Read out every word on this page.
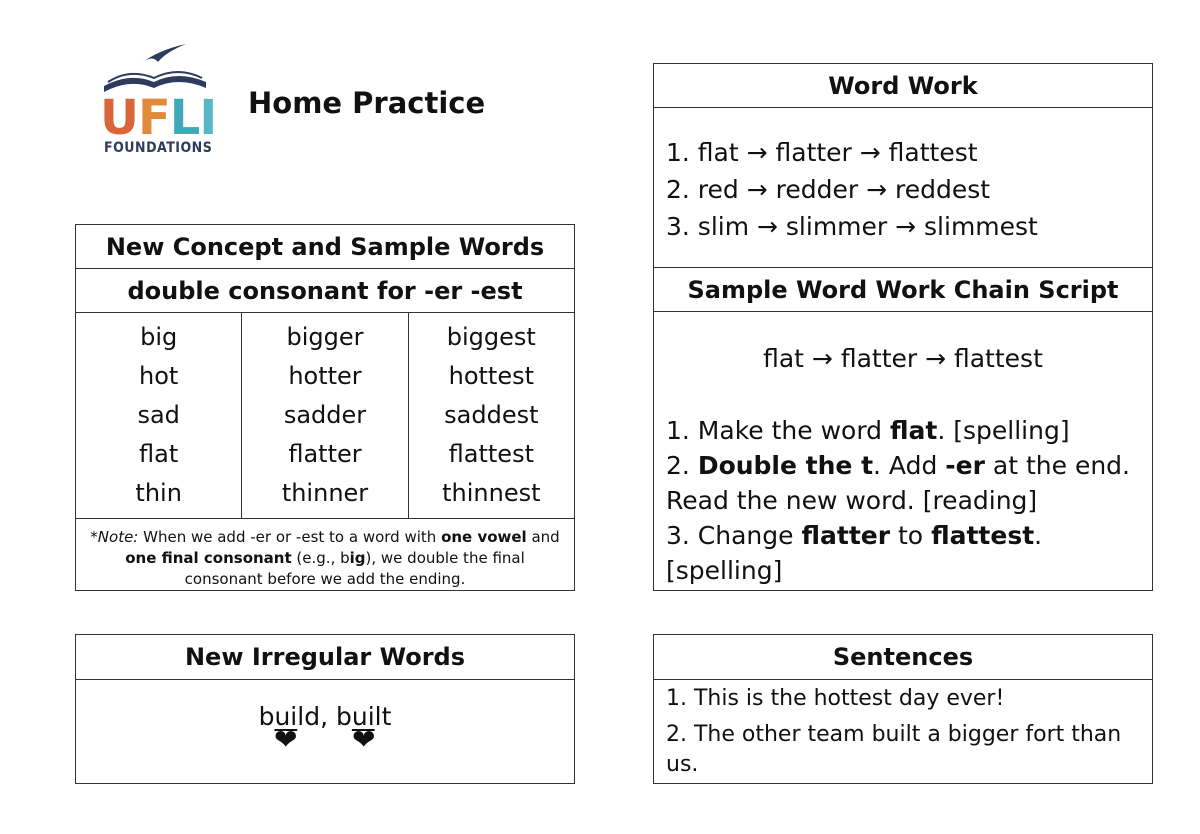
UFLI
FOUNDATIONS
Home Practice
New Concept and Sample Words
double consonant for -er -est
big
hot
sad
flat
thin
bigger
hotter
sadder
flatter
thinner
biggest
hottest
saddest
flattest
thinnest
*Note: When we add -er or -est to a word with one vowel and one final consonant (e.g., big), we double the final consonant before we add the ending.
New Irregular Words
build, built
❤ ❤
Word Work
1. flat → flatter → flattest
2. red → redder → reddest
3. slim → slimmer → slimmest
Sample Word Work Chain Script
flat → flatter → flattest
1. Make the word flat. [spelling]
2. Double the t. Add -er at the end.
Read the new word. [reading]
3. Change flatter to flattest. [spelling]
Sentences
1. This is the hottest day ever!
2. The other team built a bigger fort than us.
